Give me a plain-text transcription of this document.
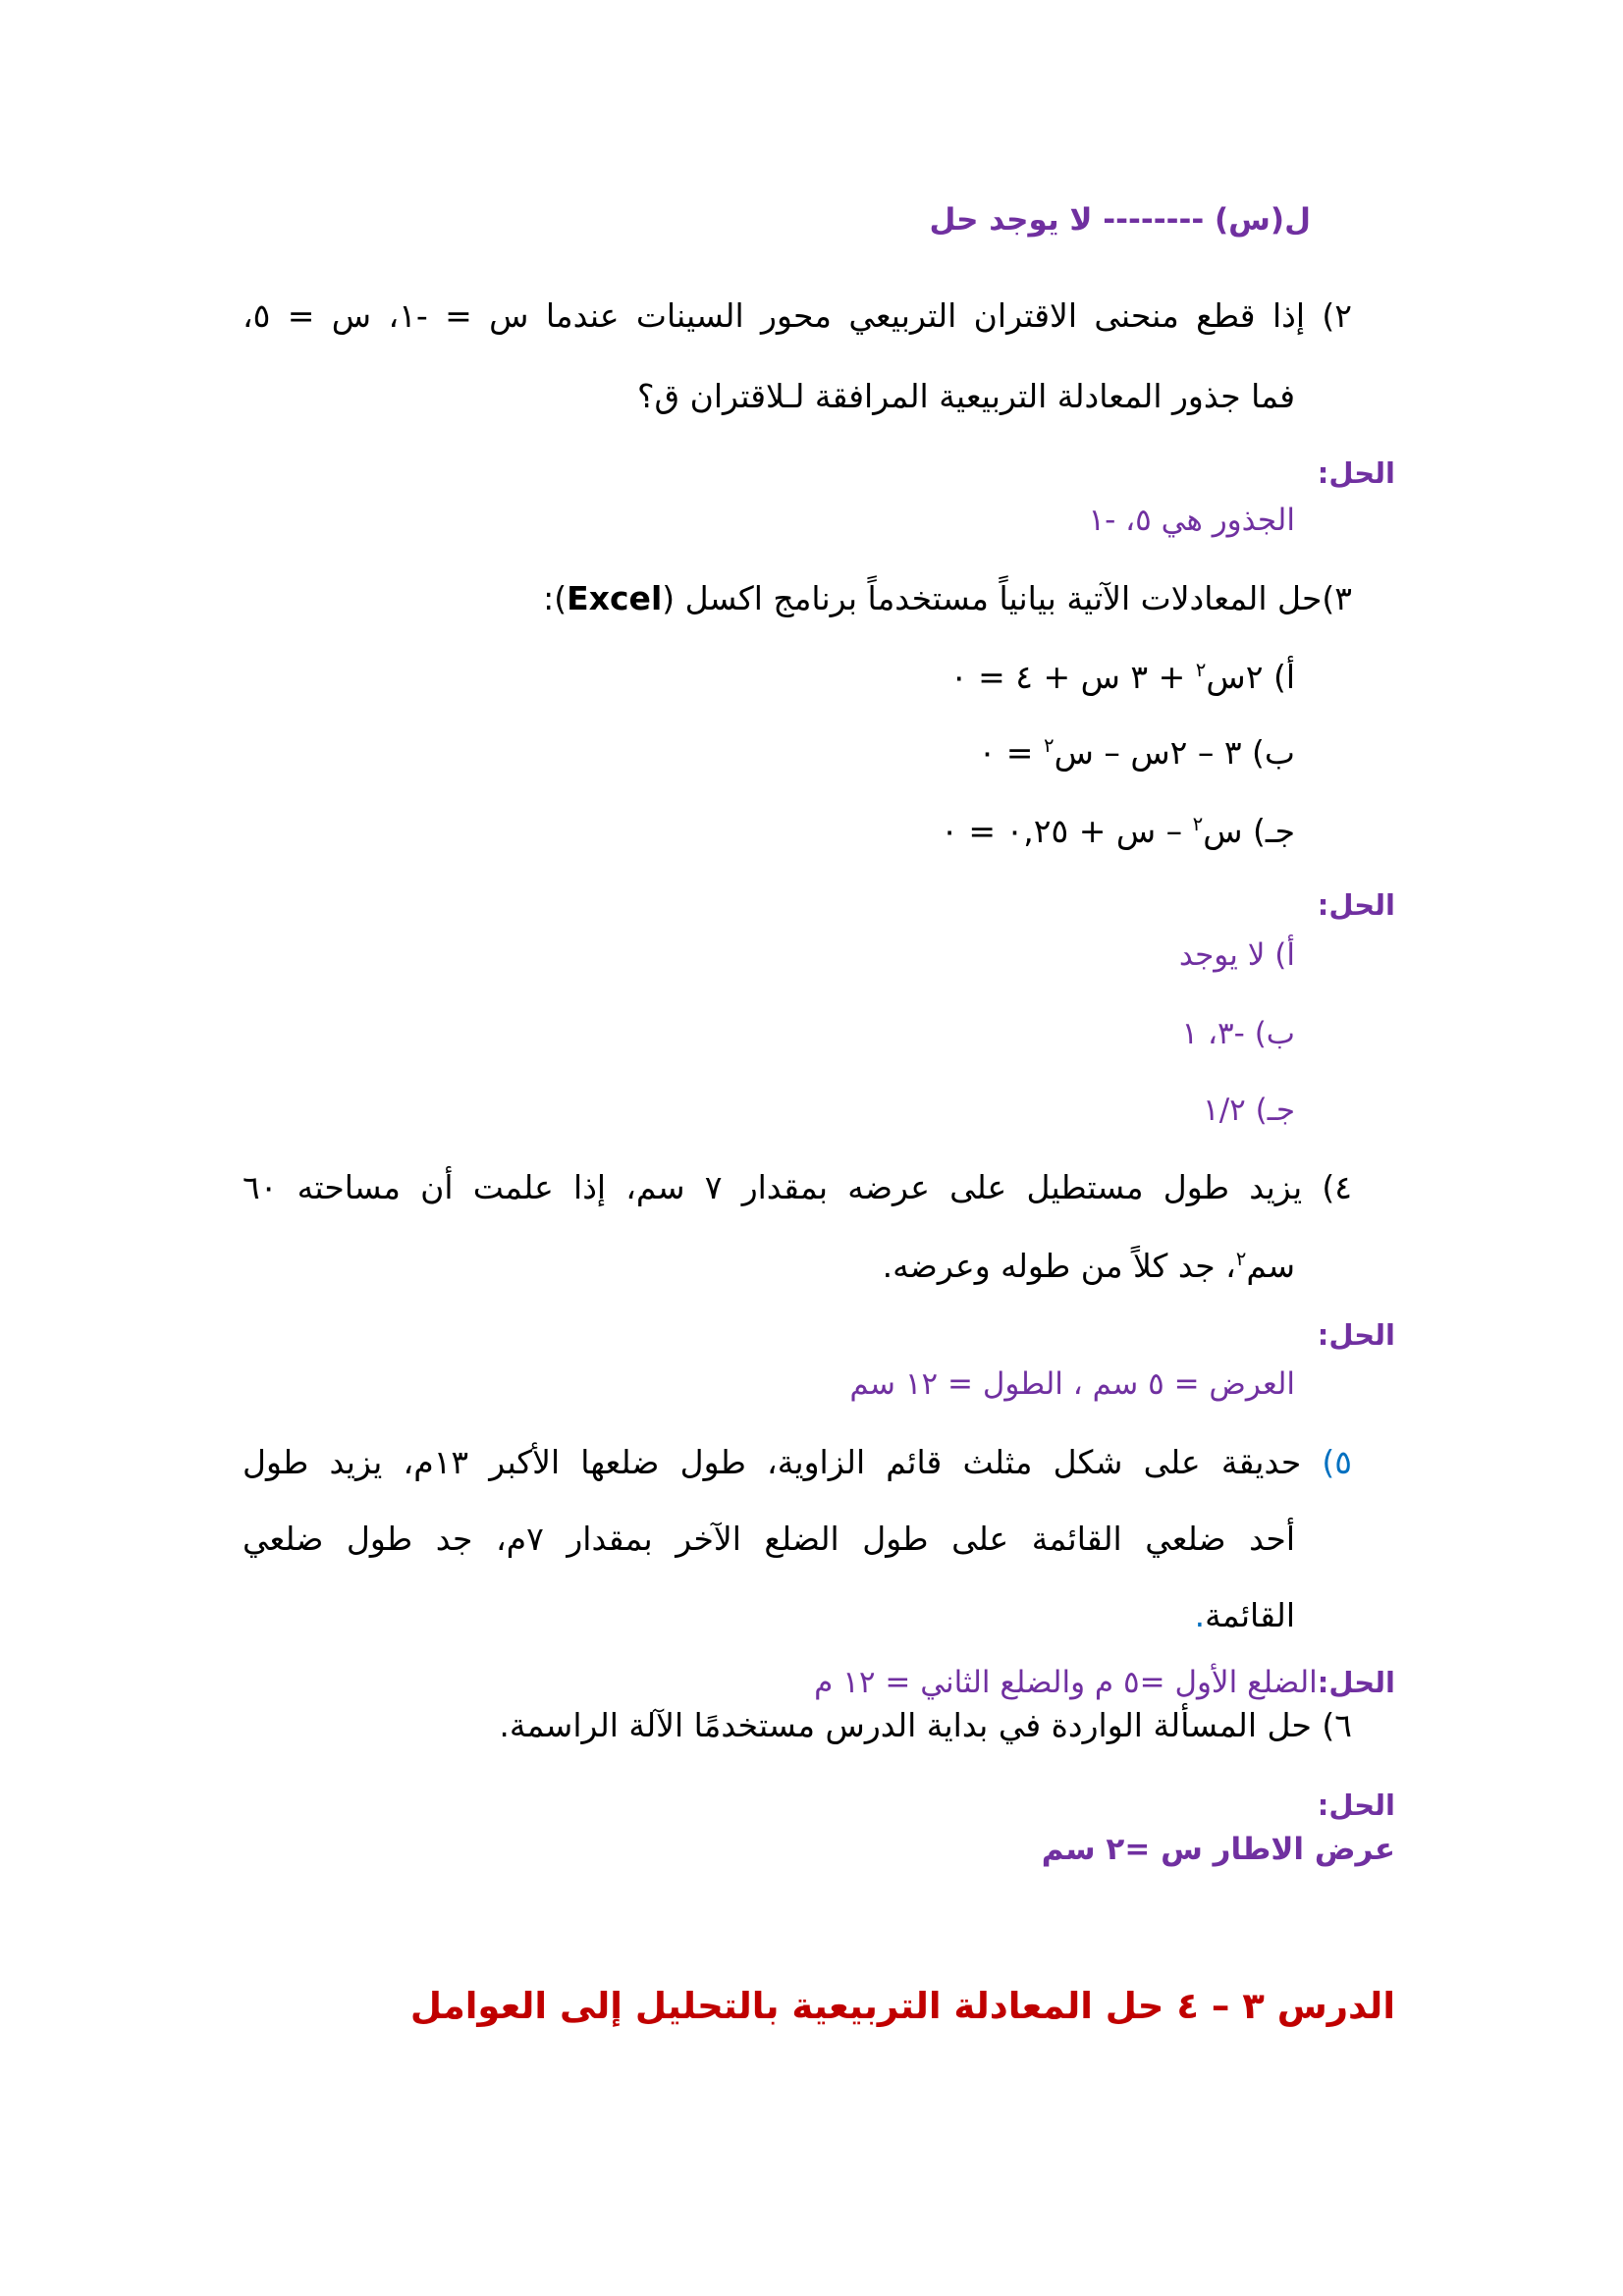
ل(س) -------- لا يوجد حل
٢) إذا قطع منحنى الاقتران التربيعي محور السينات عندما س = -١، س = ٥،
فما جذور المعادلة التربيعية المرافقة لـلاقتران ق؟
الحل:
الجذور هي ٥، -١
٣)حل المعادلات الآتية بيانياً مستخدماً برنامج اكسل (Excel):
أ) ٢س$^٢$ + ٣ س + ٤ = ٠
ب) ٣ – ٢س – س$^٢$ = ٠
جـ) س$^٢$ – س + ٠,٢٥ = ٠
الحل:
أ) لا يوجد
ب) -٣، ١
جـ) ١/٢
٤) يزيد طول مستطيل على عرضه بمقدار ٧ سم، إذا علمت أن مساحته ٦٠
سم$^٢$، جد كلاً من طوله وعرضه.
الحل:
العرض = ٥ سم ، الطول = ١٢ سم
٥) حديقة على شكل مثلث قائم الزاوية، طول ضلعها الأكبر ١٣م، يزيد طول
أحد ضلعي القائمة على طول الضلع الآخر بمقدار ٧م، جد طول ضلعي
القائمة.
الحل:الضلع الأول =٥ م والضلع الثاني = ١٢ م
٦) حل المسألة الواردة في بداية الدرس مستخدمًا الآلة الراسمة.
الحل:
عرض الاطار س =٢ سم
الدرس ٣ – ٤ حل المعادلة التربيعية بالتحليل إلى العوامل
